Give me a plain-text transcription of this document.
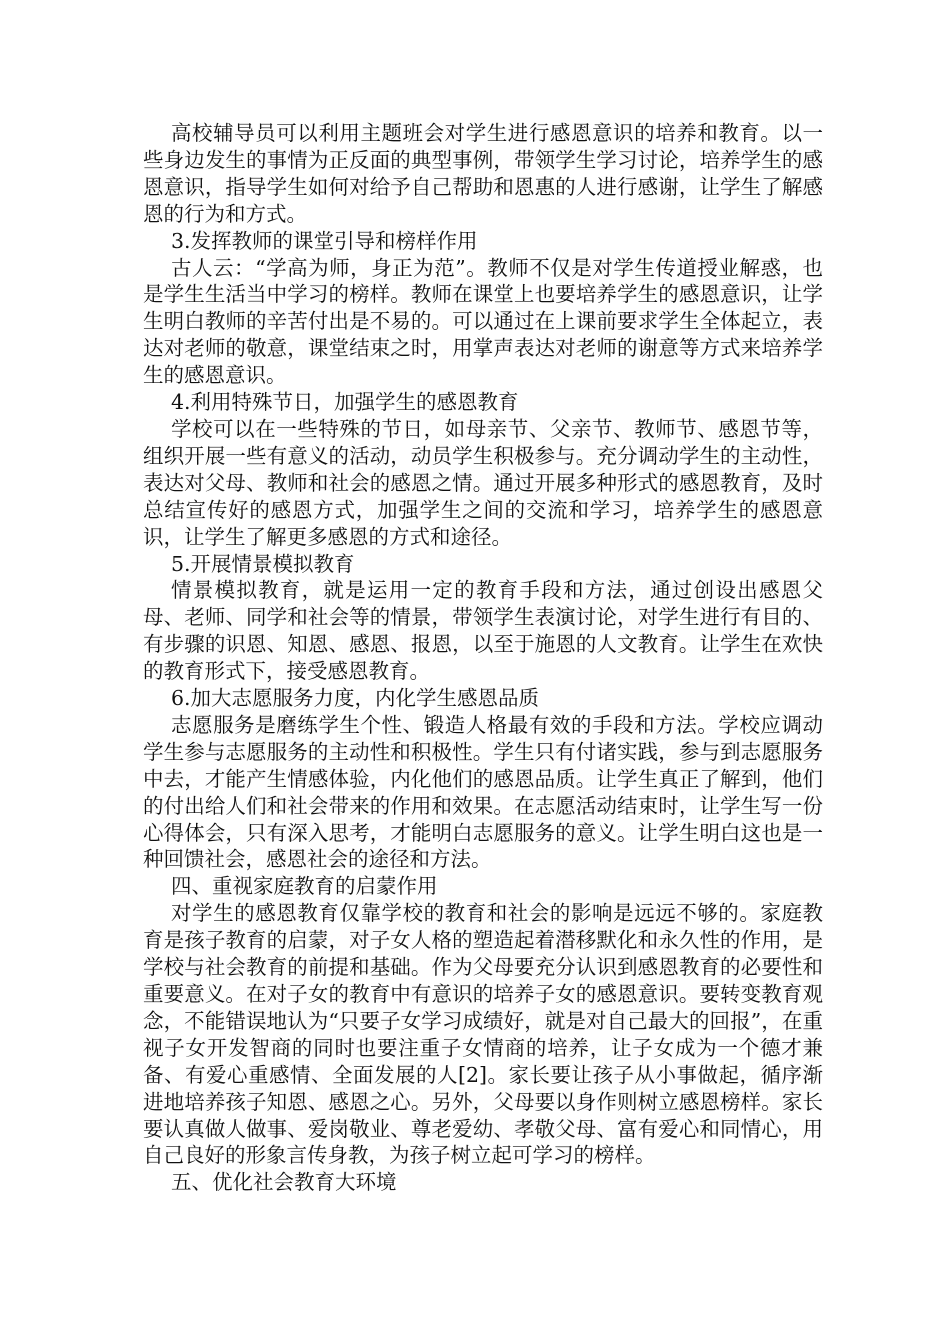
高校辅导员可以利用主题班会对学生进行感恩意识的培养和教育。以一些身边发生的事情为正反面的典型事例，带领学生学习讨论，培养学生的感恩意识，指导学生如何对给予自己帮助和恩惠的人进行感谢，让学生了解感恩的行为和方式。

3.发挥教师的课堂引导和榜样作用

古人云：“学高为师，身正为范”。教师不仅是对学生传道授业解惑，也是学生生活当中学习的榜样。教师在课堂上也要培养学生的感恩意识，让学生明白教师的辛苦付出是不易的。可以通过在上课前要求学生全体起立，表达对老师的敬意，课堂结束之时，用掌声表达对老师的谢意等方式来培养学生的感恩意识。

4.利用特殊节日，加强学生的感恩教育

学校可以在一些特殊的节日，如母亲节、父亲节、教师节、感恩节等，组织开展一些有意义的活动，动员学生积极参与。充分调动学生的主动性，表达对父母、教师和社会的感恩之情。通过开展多种形式的感恩教育，及时总结宣传好的感恩方式，加强学生之间的交流和学习，培养学生的感恩意识，让学生了解更多感恩的方式和途径。

5.开展情景模拟教育

情景模拟教育，就是运用一定的教育手段和方法，通过创设出感恩父母、老师、同学和社会等的情景，带领学生表演讨论，对学生进行有目的、有步骤的识恩、知恩、感恩、报恩，以至于施恩的人文教育。让学生在欢快的教育形式下，接受感恩教育。

6.加大志愿服务力度，内化学生感恩品质

志愿服务是磨练学生个性、锻造人格最有效的手段和方法。学校应调动学生参与志愿服务的主动性和积极性。学生只有付诸实践，参与到志愿服务中去，才能产生情感体验，内化他们的感恩品质。让学生真正了解到，他们的付出给人们和社会带来的作用和效果。在志愿活动结束时，让学生写一份心得体会，只有深入思考，才能明白志愿服务的意义。让学生明白这也是一种回馈社会，感恩社会的途径和方法。

四、重视家庭教育的启蒙作用

对学生的感恩教育仅靠学校的教育和社会的影响是远远不够的。家庭教育是孩子教育的启蒙，对子女人格的塑造起着潜移默化和永久性的作用，是学校与社会教育的前提和基础。作为父母要充分认识到感恩教育的必要性和重要意义。在对子女的教育中有意识的培养子女的感恩意识。要转变教育观念，不能错误地认为“只要子女学习成绩好，就是对自己最大的回报”，在重视子女开发智商的同时也要注重子女情商的培养，让子女成为一个德才兼备、有爱心重感情、全面发展的人[2]。家长要让孩子从小事做起，循序渐进地培养孩子知恩、感恩之心。另外，父母要以身作则树立感恩榜样。家长要认真做人做事、爱岗敬业、尊老爱幼、孝敬父母、富有爱心和同情心，用自己良好的形象言传身教，为孩子树立起可学习的榜样。

五、优化社会教育大环境
